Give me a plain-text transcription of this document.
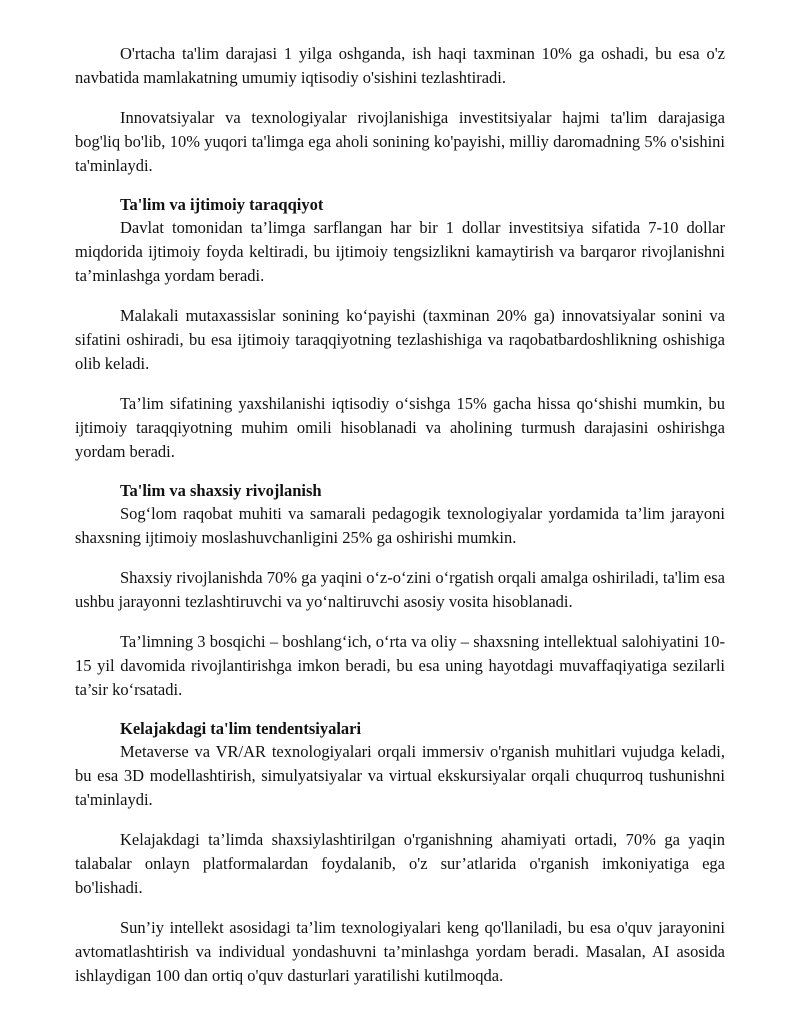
O'rtacha ta'lim darajasi 1 yilga oshganda, ish haqi taxminan 10% ga oshadi, bu esa o'z navbatida mamlakatning umumiy iqtisodiy o'sishini tezlashtiradi.

Innovatsiyalar va texnologiyalar rivojlanishiga investitsiyalar hajmi ta'lim darajasiga bog'liq bo'lib, 10% yuqori ta'limga ega aholi sonining ko'payishi, milliy daromadning 5% o'sishini ta'minlaydi.

Ta'lim va ijtimoiy taraqqiyot

Davlat tomonidan ta’limga sarflangan har bir 1 dollar investitsiya sifatida 7-10 dollar miqdorida ijtimoiy foyda keltiradi, bu ijtimoiy tengsizlikni kamaytirish va barqaror rivojlanishni ta’minlashga yordam beradi.

Malakali mutaxassislar sonining ko‘payishi (taxminan 20% ga) innovatsiyalar sonini va sifatini oshiradi, bu esa ijtimoiy taraqqiyotning tezlashishiga va raqobatbardoshlikning oshishiga olib keladi.

Ta’lim sifatining yaxshilanishi iqtisodiy o‘sishga 15% gacha hissa qo‘shishi mumkin, bu ijtimoiy taraqqiyotning muhim omili hisoblanadi va aholining turmush darajasini oshirishga yordam beradi.

Ta'lim va shaxsiy rivojlanish

Sog‘lom raqobat muhiti va samarali pedagogik texnologiyalar yordamida ta’lim jarayoni shaxsning ijtimoiy moslashuvchanligini 25% ga oshirishi mumkin.

Shaxsiy rivojlanishda 70% ga yaqini o‘z-o‘zini o‘rgatish orqali amalga oshiriladi, ta'lim esa ushbu jarayonni tezlashtiruvchi va yo‘naltiruvchi asosiy vosita hisoblanadi.

Ta’limning 3 bosqichi – boshlang‘ich, o‘rta va oliy – shaxsning intellektual salohiyatini 10-15 yil davomida rivojlantirishga imkon beradi, bu esa uning hayotdagi muvaffaqiyatiga sezilarli ta’sir ko‘rsatadi.

Kelajakdagi ta'lim tendentsiyalari

Metaverse va VR/AR texnologiyalari orqali immersiv o'rganish muhitlari vujudga keladi, bu esa 3D modellashtirish, simulyatsiyalar va virtual ekskursiyalar orqali chuqurroq tushunishni ta'minlaydi.

Kelajakdagi ta’limda shaxsiylashtirilgan o'rganishning ahamiyati ortadi, 70% ga yaqin talabalar onlayn platformalardan foydalanib, o'z sur’atlarida o'rganish imkoniyatiga ega bo'lishadi.

Sun’iy intellekt asosidagi ta’lim texnologiyalari keng qo'llaniladi, bu esa o'quv jarayonini avtomatlashtirish va individual yondashuvni ta’minlashga yordam beradi. Masalan, AI asosida ishlaydigan 100 dan ortiq o'quv dasturlari yaratilishi kutilmoqda.
